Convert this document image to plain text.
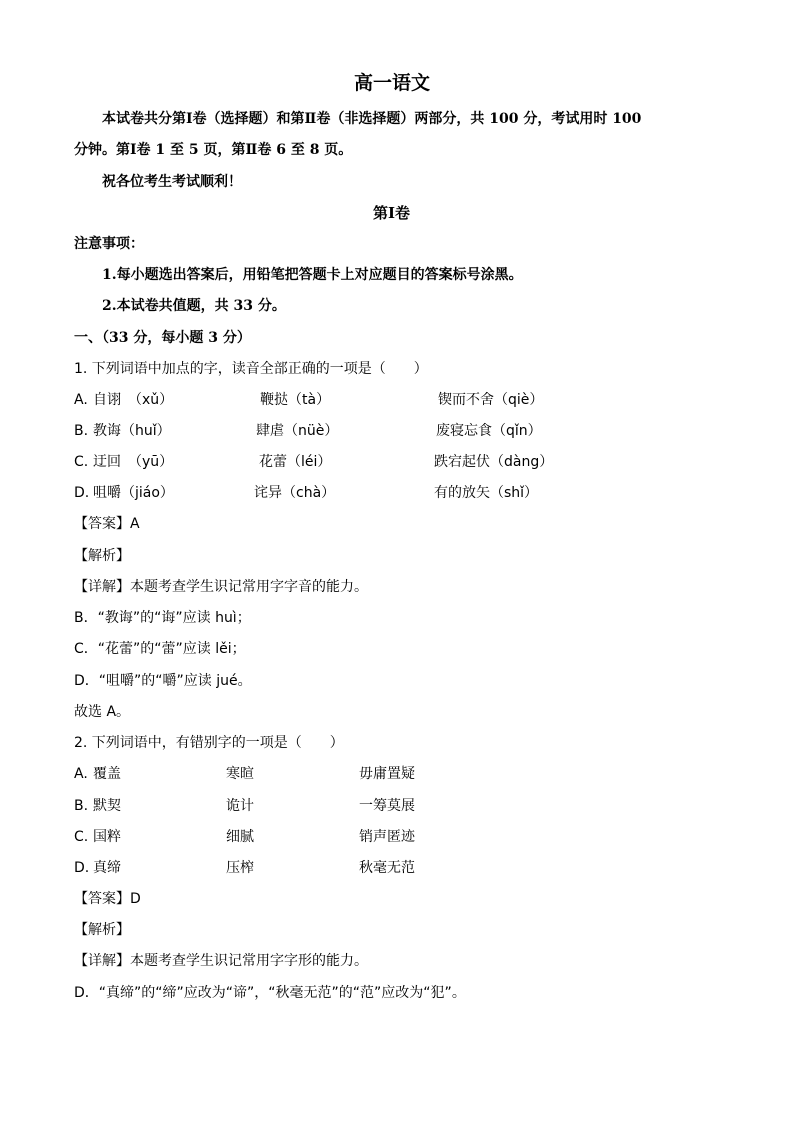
高一语文
本试卷共分第Ⅰ卷（选择题）和第Ⅱ卷（非选择题）两部分，共 100 分，考试用时 100
分钟。第Ⅰ卷 1 至 5 页，第Ⅱ卷 6 至 8 页。
祝各位考生考试顺利！
第Ⅰ卷
注意事项：
1.每小题选出答案后，用铅笔把答题卡上对应题目的答案标号涂黑。
2.本试卷共值题，共 33 分。
一、（33 分，每小题 3 分）
1. 下列词语中加点的字，读音全部正确的一项是（　　）
A. 自诩　（xǔ）	鞭挞（tà）	锲而不舍（qiè）
B. 教诲（huǐ）	肆虐（nüè）	废寝忘食（qǐn）
C. 迂回　（yū）	花蕾（léi）	跌宕起伏（dàng）
D. 咀嚼（jiáo）	诧异（chà）	有的放矢（shǐ）
【答案】A
【解析】
【详解】本题考查学生识记常用字字音的能力。
B．“教诲”的“诲”应读 huì；
C．“花蕾”的“蕾”应读 lěi；
D．“咀嚼”的“嚼”应读 jué。
故选 A。
2. 下列词语中，有错别字的一项是（　　）
A. 覆盖	寒暄	毋庸置疑
B. 默契	诡计	一筹莫展
C. 国粹	细腻	销声匿迹
D. 真缔	压榨	秋毫无范
【答案】D
【解析】
【详解】本题考查学生识记常用字字形的能力。
D．“真缔”的“缔”应改为“谛”，“秋毫无范”的“范”应改为“犯”。
